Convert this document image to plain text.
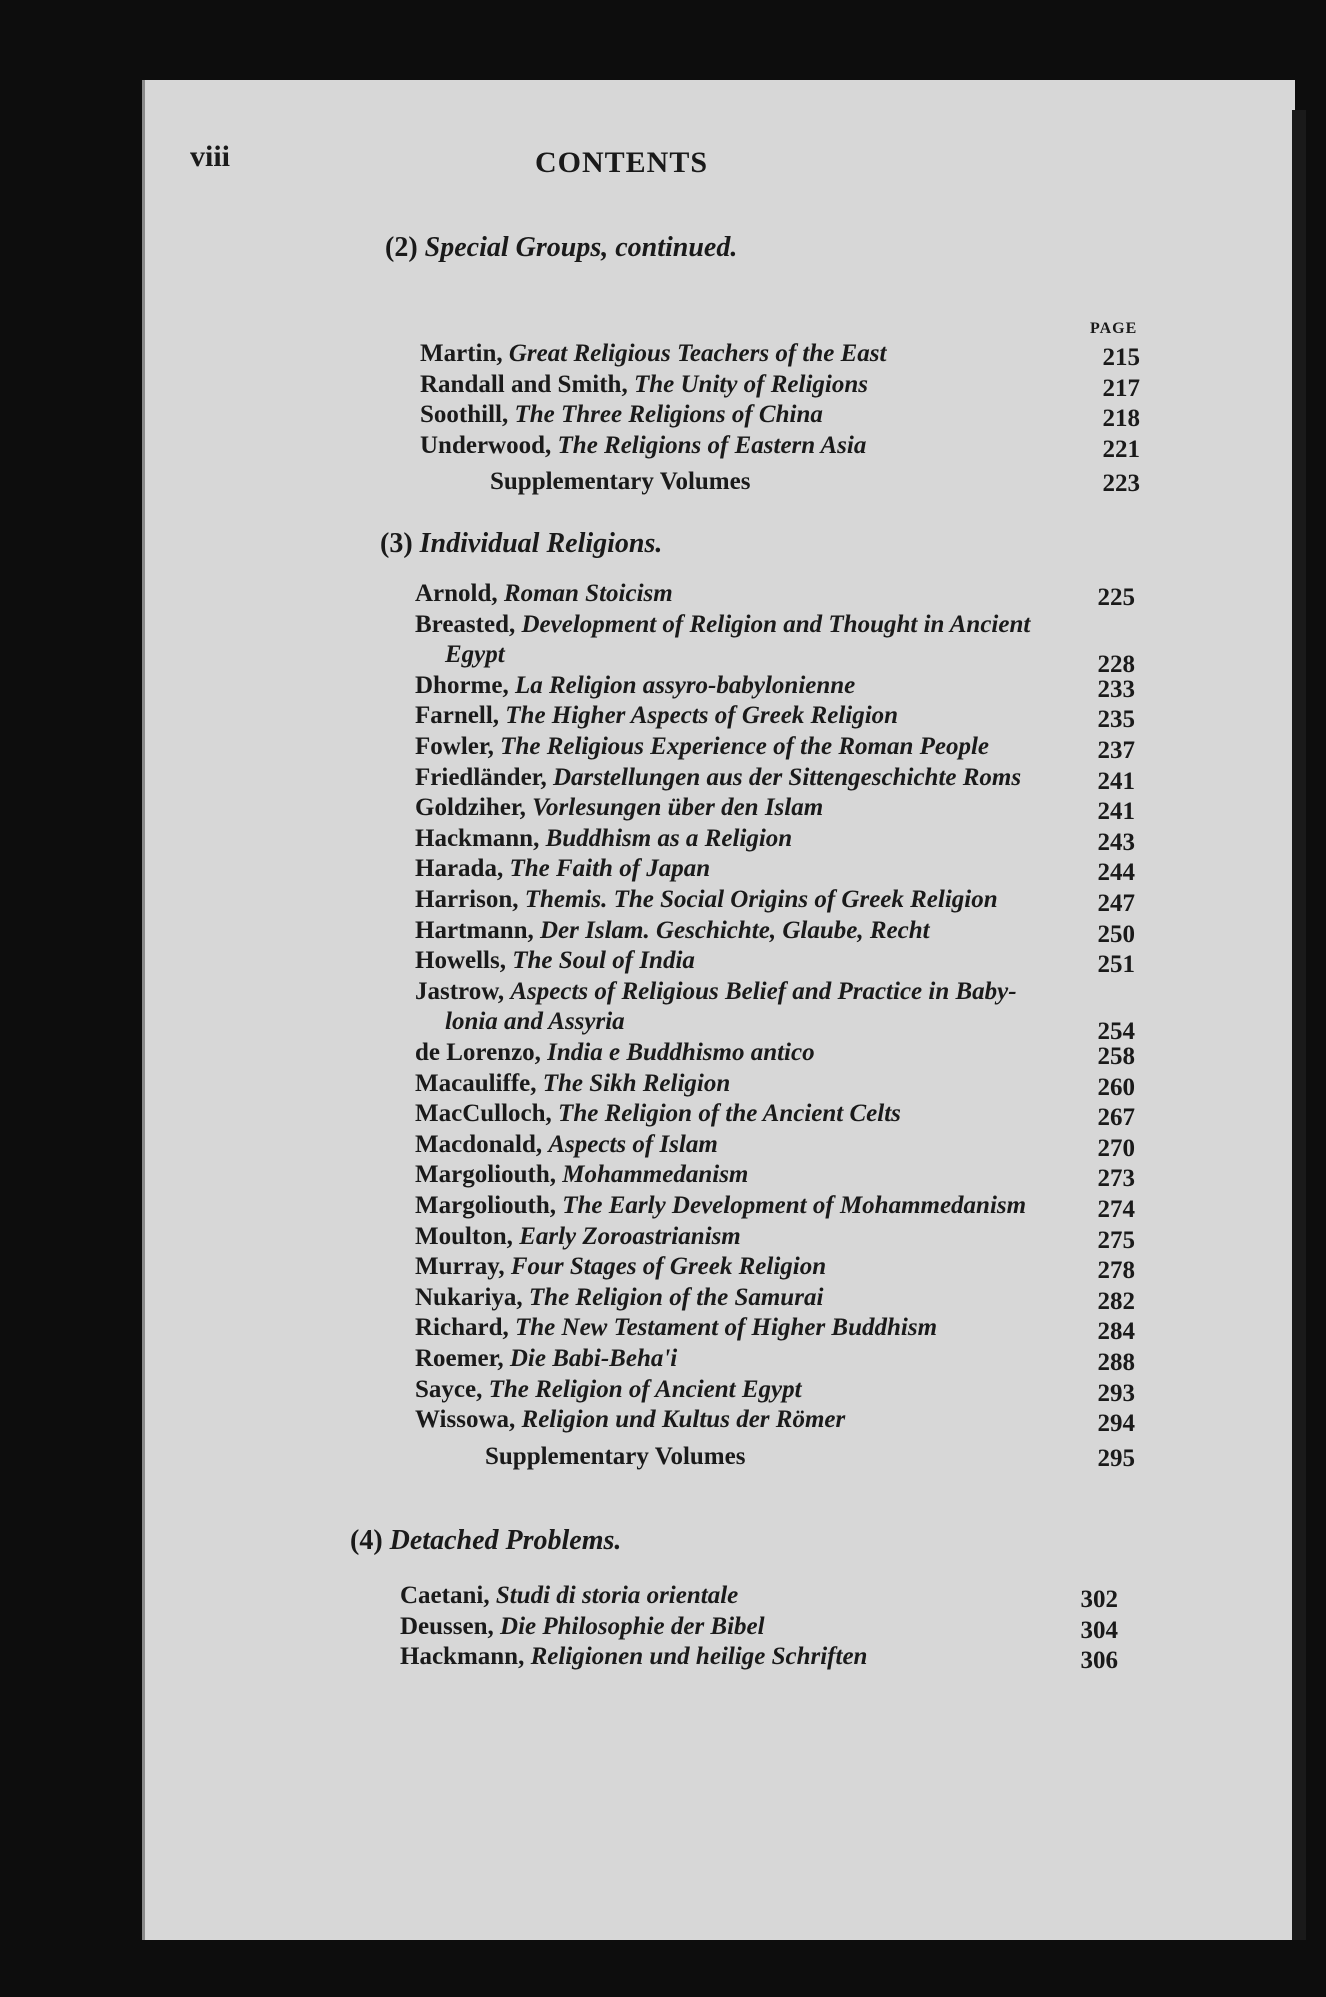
viii	CONTENTS
(2) Special Groups, continued.
PAGE
Martin, Great Religious Teachers of the East	215
Randall and Smith, The Unity of Religions	217
Soothill, The Three Religions of China	218
Underwood, The Religions of Eastern Asia	221
Supplementary Volumes	223
(3) Individual Religions.
Arnold, Roman Stoicism	225
Breasted, Development of Religion and Thought in Ancient
Egypt	228
Dhorme, La Religion assyro-babylonienne	233
Farnell, The Higher Aspects of Greek Religion	235
Fowler, The Religious Experience of the Roman People	237
Friedländer, Darstellungen aus der Sittengeschichte Roms	241
Goldziher, Vorlesungen über den Islam	241
Hackmann, Buddhism as a Religion	243
Harada, The Faith of Japan	244
Harrison, Themis. The Social Origins of Greek Religion	247
Hartmann, Der Islam. Geschichte, Glaube, Recht	250
Howells, The Soul of India	251
Jastrow, Aspects of Religious Belief and Practice in Baby-
lonia and Assyria	254
de Lorenzo, India e Buddhismo antico	258
Macauliffe, The Sikh Religion	260
MacCulloch, The Religion of the Ancient Celts	267
Macdonald, Aspects of Islam	270
Margoliouth, Mohammedanism	273
Margoliouth, The Early Development of Mohammedanism	274
Moulton, Early Zoroastrianism	275
Murray, Four Stages of Greek Religion	278
Nukariya, The Religion of the Samurai	282
Richard, The New Testament of Higher Buddhism	284
Roemer, Die Babi-Beha'i	288
Sayce, The Religion of Ancient Egypt	293
Wissowa, Religion und Kultus der Römer	294
Supplementary Volumes	295
(4) Detached Problems.
Caetani, Studi di storia orientale	302
Deussen, Die Philosophie der Bibel	304
Hackmann, Religionen und heilige Schriften	306
